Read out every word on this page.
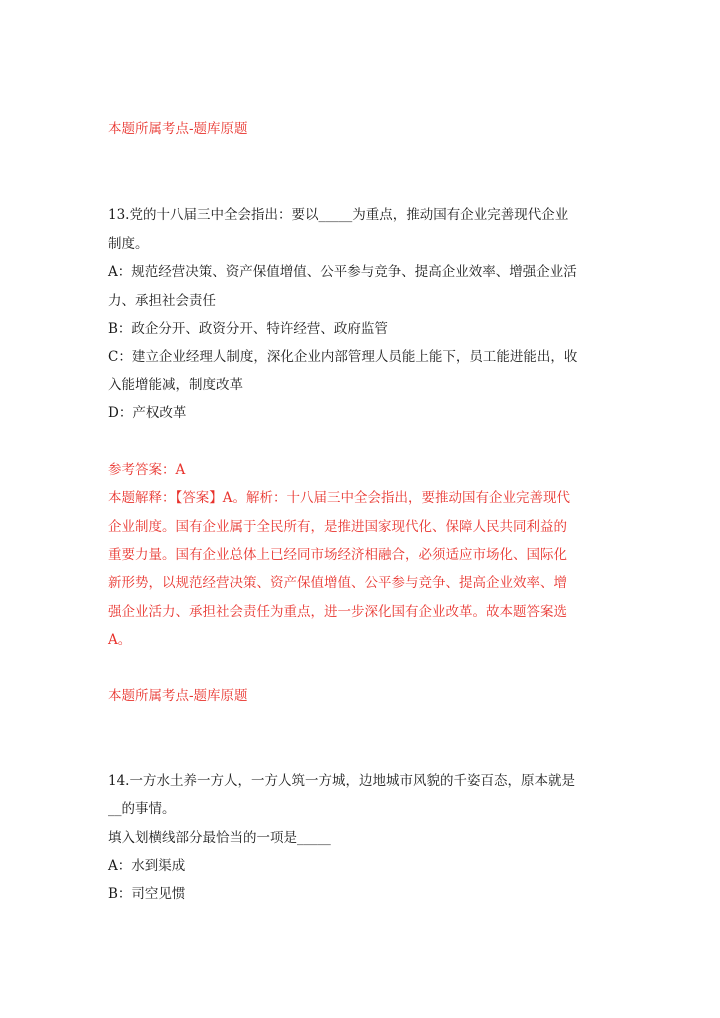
本题所属考点-题库原题
13.党的十八届三中全会指出：要以_____为重点，推动国有企业完善现代企业
制度。
A：规范经营决策、资产保值增值、公平参与竞争、提高企业效率、增强企业活
力、承担社会责任
B：政企分开、政资分开、特许经营、政府监管
C：建立企业经理人制度，深化企业内部管理人员能上能下，员工能进能出，收
入能增能减，制度改革
D：产权改革
参考答案：A
本题解释：【答案】A。解析：十八届三中全会指出，要推动国有企业完善现代
企业制度。国有企业属于全民所有，是推进国家现代化、保障人民共同利益的
重要力量。国有企业总体上已经同市场经济相融合，必须适应市场化、国际化
新形势，以规范经营决策、资产保值增值、公平参与竞争、提高企业效率、增
强企业活力、承担社会责任为重点，进一步深化国有企业改革。故本题答案选
A。
本题所属考点-题库原题
14.一方水土养一方人，一方人筑一方城，边地城市风貌的千姿百态，原本就是
__的事情。
填入划横线部分最恰当的一项是_____
A：水到渠成
B：司空见惯
